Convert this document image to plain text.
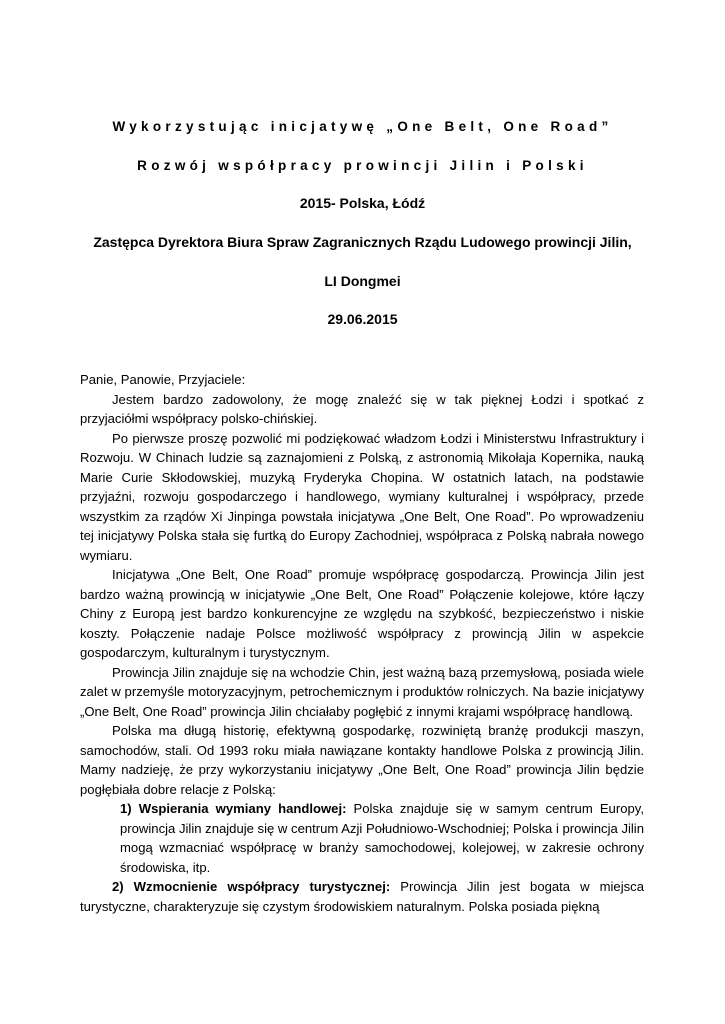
Wykorzystując inicjatywę „One Belt, One Road”
Rozwój współpracy prowincji Jilin i Polski
2015- Polska, Łódź
Zastępca Dyrektora Biura Spraw Zagranicznych Rządu Ludowego prowincji Jilin,
LI Dongmei
29.06.2015

Panie, Panowie, Przyjaciele:

Jestem bardzo zadowolony, że mogę znaleźć się w tak pięknej Łodzi i spotkać z przyjaciółmi współpracy polsko-chińskiej.

Po pierwsze proszę pozwolić mi podziękować władzom Łodzi i Ministerstwu Infrastruktury i Rozwoju. W Chinach ludzie są zaznajomieni z Polską, z astronomią Mikołaja Kopernika, nauką Marie Curie Skłodowskiej, muzyką Fryderyka Chopina. W ostatnich latach, na podstawie przyjaźni, rozwoju gospodarczego i handlowego, wymiany kulturalnej i współpracy, przede wszystkim za rządów Xi Jinpinga powstała inicjatywa „One Belt, One Road”. Po wprowadzeniu tej inicjatywy Polska stała się furtką do Europy Zachodniej, współpraca z Polską nabrała nowego wymiaru.

Inicjatywa „One Belt, One Road” promuje współpracę gospodarczą. Prowincja Jilin jest bardzo ważną prowincją w inicjatywie „One Belt, One Road” Połączenie kolejowe, które łączy Chiny z Europą jest bardzo konkurencyjne ze względu na szybkość, bezpieczeństwo i niskie koszty. Połączenie nadaje Polsce możliwość współpracy z prowincją Jilin w aspekcie gospodarczym, kulturalnym i turystycznym.

Prowincja Jilin znajduje się na wchodzie Chin, jest ważną bazą przemysłową, posiada wiele zalet w przemyśle motoryzacyjnym, petrochemicznym i produktów rolniczych. Na bazie inicjatywy „One Belt, One Road” prowincja Jilin chciałaby pogłębić z innymi krajami współpracę handlową.

Polska ma długą historię, efektywną gospodarkę, rozwiniętą branżę produkcji maszyn, samochodów, stali. Od 1993 roku miała nawiązane kontakty handlowe Polska z prowincją Jilin. Mamy nadzieję, że przy wykorzystaniu inicjatywy „One Belt, One Road” prowincja Jilin będzie pogłębiała dobre relacje z Polską:

1) Wspierania wymiany handlowej: Polska znajduje się w samym centrum Europy, prowincja Jilin znajduje się w centrum Azji Południowo-Wschodniej; Polska i prowincja Jilin mogą wzmacniać współpracę w branży samochodowej, kolejowej, w zakresie ochrony środowiska, itp.

2) Wzmocnienie współpracy turystycznej: Prowincja Jilin jest bogata w miejsca turystyczne, charakteryzuje się czystym środowiskiem naturalnym. Polska posiada piękną
